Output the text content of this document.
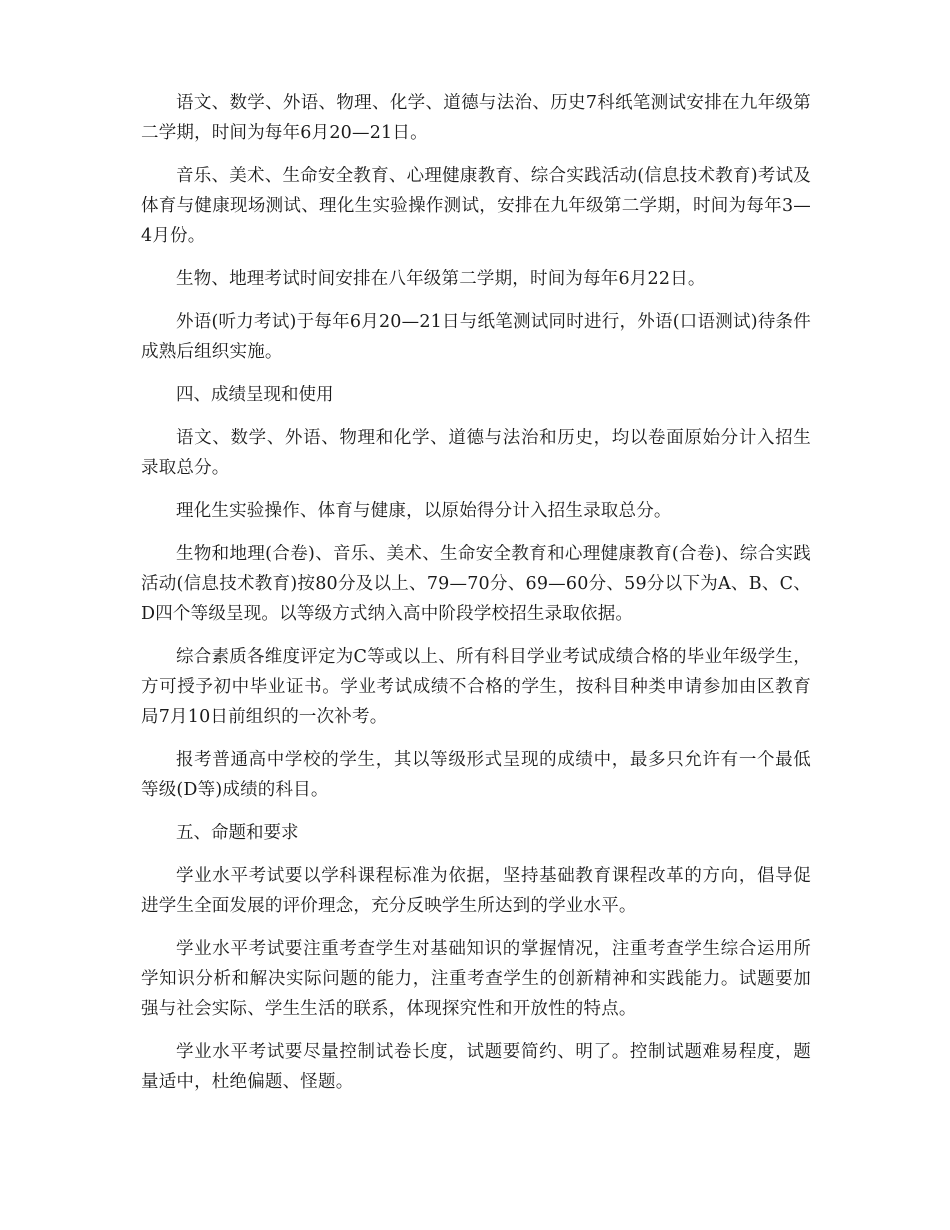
语文、数学、外语、物理、化学、道德与法治、历史7科纸笔测试安排在九年级第二学期，时间为每年6月20—21日。

音乐、美术、生命安全教育、心理健康教育、综合实践活动(信息技术教育)考试及体育与健康现场测试、理化生实验操作测试，安排在九年级第二学期，时间为每年3—4月份。

生物、地理考试时间安排在八年级第二学期，时间为每年6月22日。

外语(听力考试)于每年6月20—21日与纸笔测试同时进行，外语(口语测试)待条件成熟后组织实施。

四、成绩呈现和使用

语文、数学、外语、物理和化学、道德与法治和历史，均以卷面原始分计入招生录取总分。

理化生实验操作、体育与健康，以原始得分计入招生录取总分。

生物和地理(合卷)、音乐、美术、生命安全教育和心理健康教育(合卷)、综合实践活动(信息技术教育)按80分及以上、79—70分、69—60分、59分以下为A、B、C、D四个等级呈现。以等级方式纳入高中阶段学校招生录取依据。

综合素质各维度评定为C等或以上、所有科目学业考试成绩合格的毕业年级学生，方可授予初中毕业证书。学业考试成绩不合格的学生，按科目种类申请参加由区教育局7月10日前组织的一次补考。

报考普通高中学校的学生，其以等级形式呈现的成绩中，最多只允许有一个最低等级(D等)成绩的科目。

五、命题和要求

学业水平考试要以学科课程标准为依据，坚持基础教育课程改革的方向，倡导促进学生全面发展的评价理念，充分反映学生所达到的学业水平。

学业水平考试要注重考查学生对基础知识的掌握情况，注重考查学生综合运用所学知识分析和解决实际问题的能力，注重考查学生的创新精神和实践能力。试题要加强与社会实际、学生生活的联系，体现探究性和开放性的特点。

学业水平考试要尽量控制试卷长度，试题要简约、明了。控制试题难易程度，题量适中，杜绝偏题、怪题。
